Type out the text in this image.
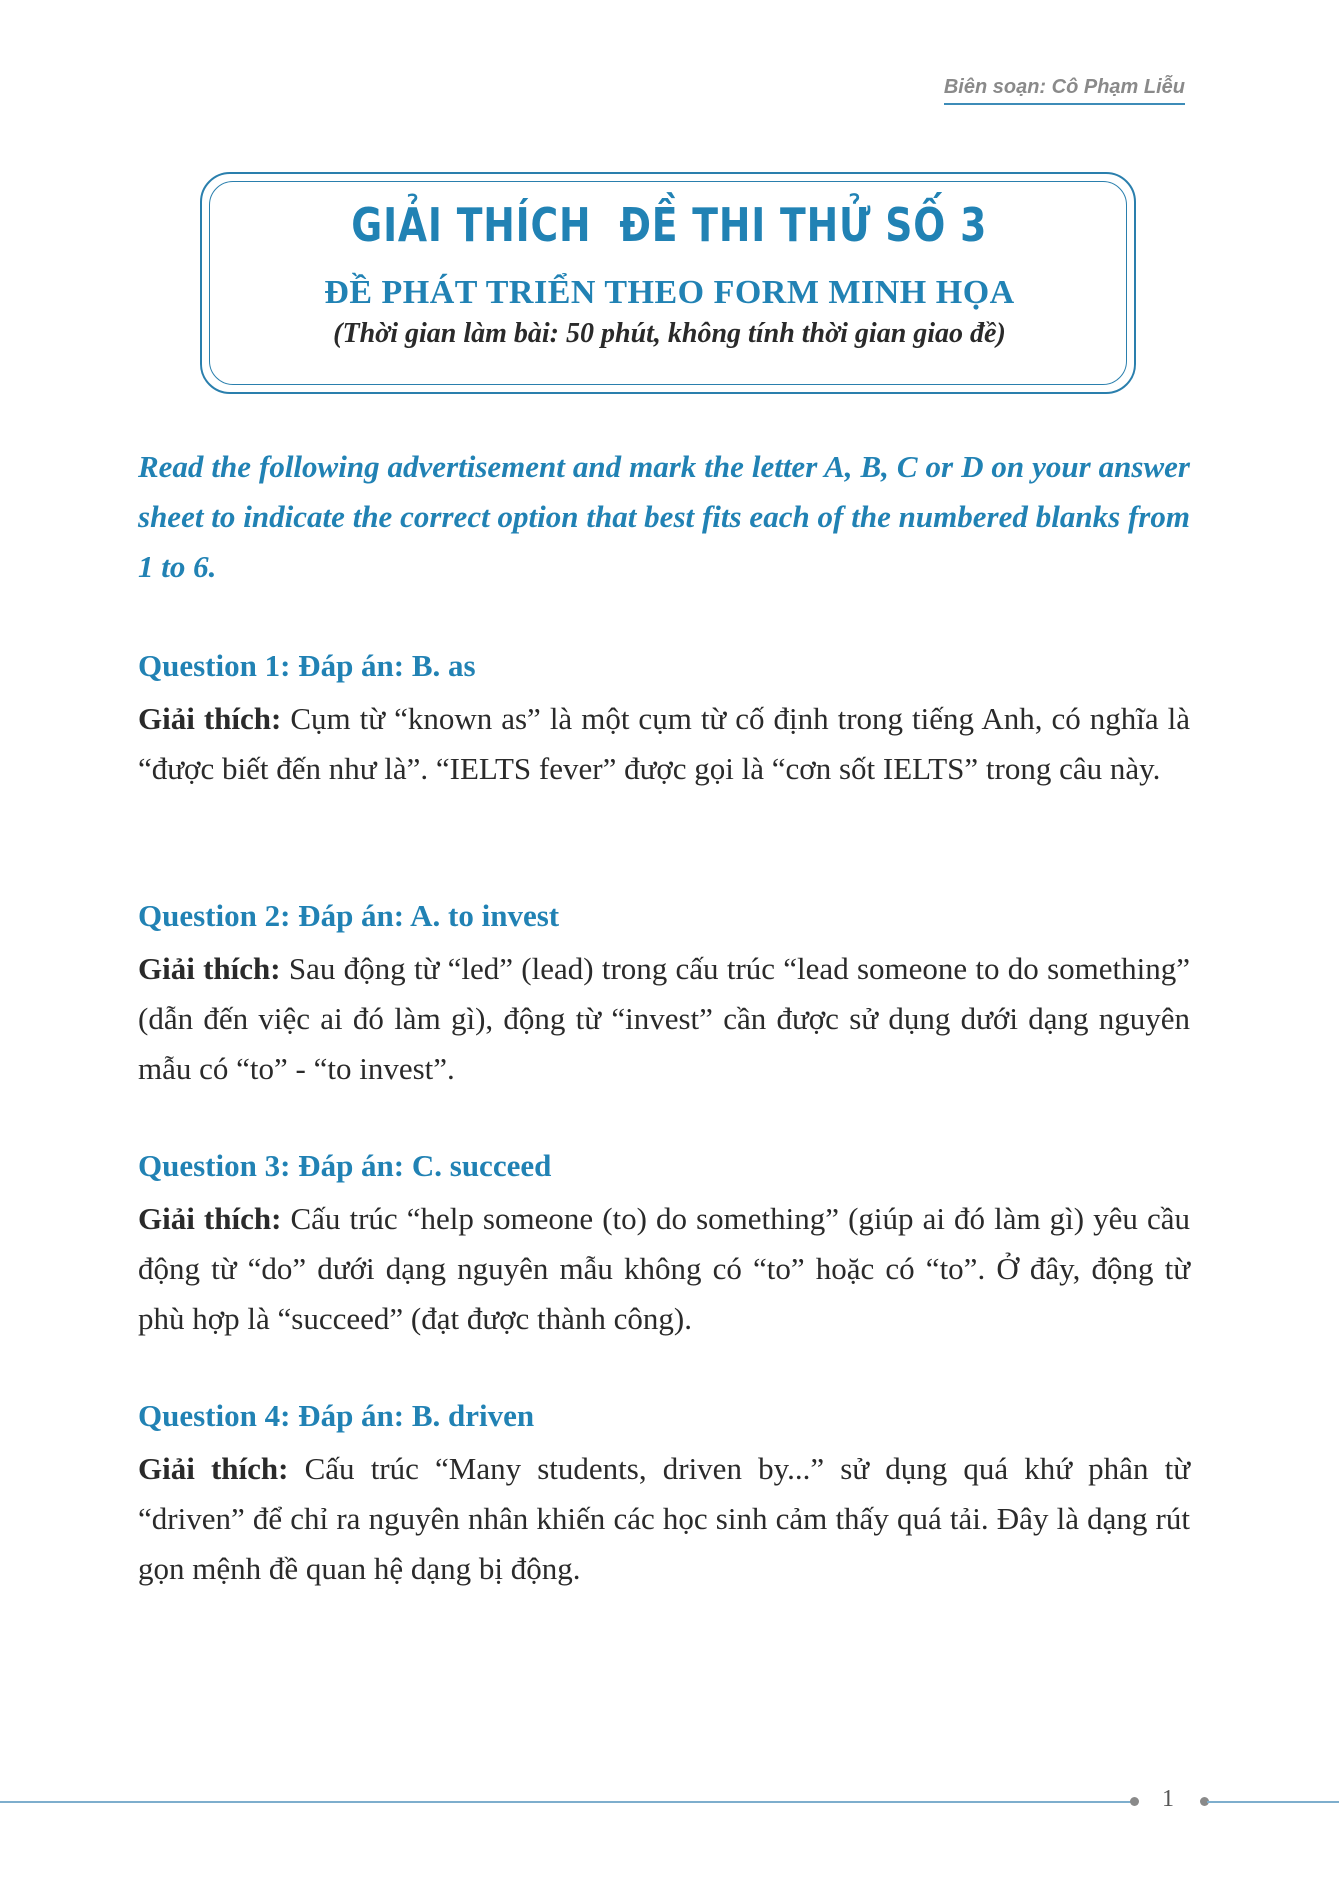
Biên soạn: Cô Phạm Liễu
GIẢI THÍCH  ĐỀ THI THỬ SỐ 3
ĐỀ PHÁT TRIỂN THEO FORM MINH HỌA
(Thời gian làm bài: 50 phút, không tính thời gian giao đề)
Read the following advertisement and mark the letter A, B, C or D on your answer sheet to indicate the correct option that best fits each of the numbered blanks from 1 to 6.
Question 1: Đáp án: B. as
Giải thích: Cụm từ “known as” là một cụm từ cố định trong tiếng Anh, có nghĩa là “được biết đến như là”. “IELTS fever” được gọi là “cơn sốt IELTS” trong câu này.
Question 2: Đáp án: A. to invest
Giải thích: Sau động từ “led” (lead) trong cấu trúc “lead someone to do something” (dẫn đến việc ai đó làm gì), động từ “invest” cần được sử dụng dưới dạng nguyên mẫu có “to” - “to invest”.
Question 3: Đáp án: C. succeed
Giải thích: Cấu trúc “help someone (to) do something” (giúp ai đó làm gì) yêu cầu động từ “do” dưới dạng nguyên mẫu không có “to” hoặc có “to”. Ở đây, động từ phù hợp là “succeed” (đạt được thành công).
Question 4: Đáp án: B. driven
Giải thích: Cấu trúc “Many students, driven by...” sử dụng quá khứ phân từ “driven” để chỉ ra nguyên nhân khiến các học sinh cảm thấy quá tải. Đây là dạng rút gọn mệnh đề quan hệ dạng bị động.
1
